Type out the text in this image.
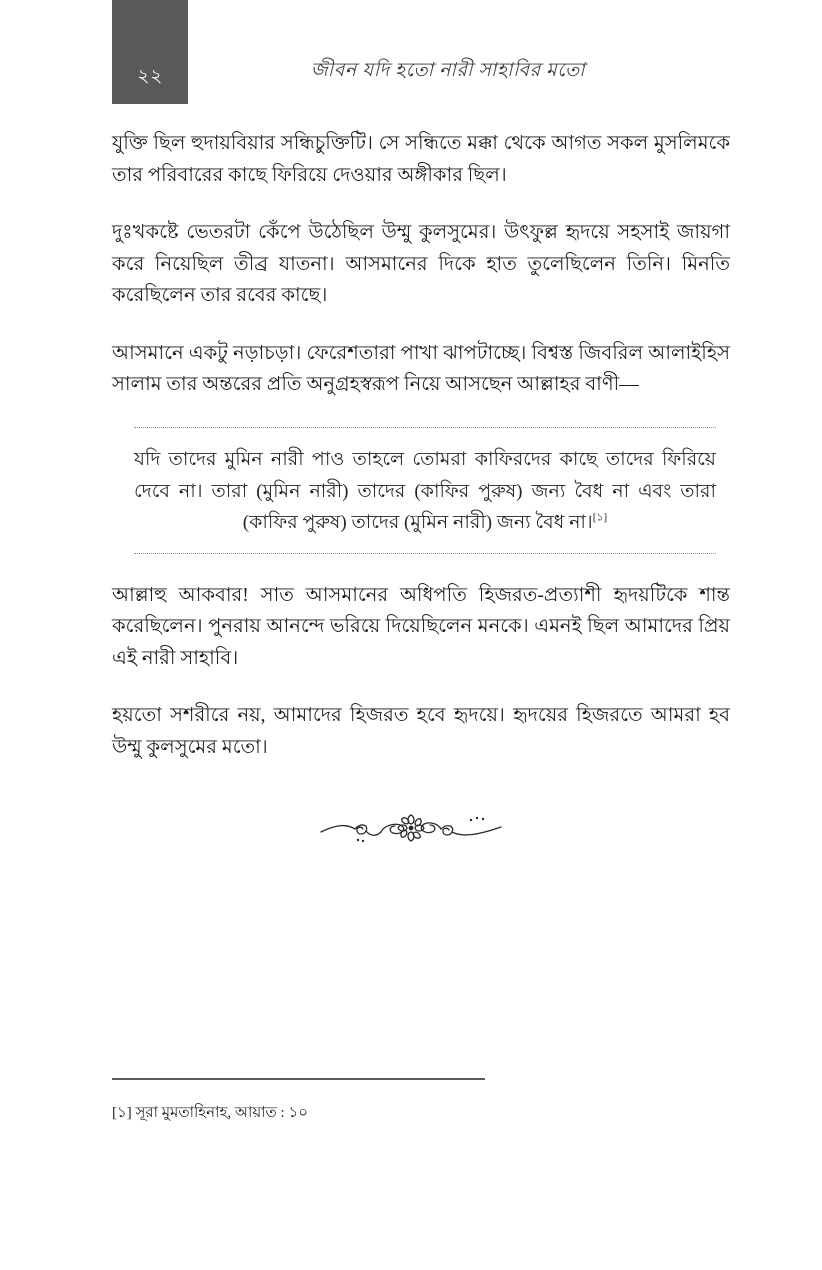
২২	জীবন যদি হতো নারী সাহাবির মতো

যুক্তি ছিল হুদায়বিয়ার সন্ধিচুক্তিটি। সে সন্ধিতে মক্কা থেকে আগত সকল মুসলিমকে তার পরিবারের কাছে ফিরিয়ে দেওয়ার অঙ্গীকার ছিল।

দুঃখকষ্টে ভেতরটা কেঁপে উঠেছিল উম্মু কুলসুমের। উৎফুল্ল হৃদয়ে সহসাই জায়গা করে নিয়েছিল তীব্র যাতনা। আসমানের দিকে হাত তুলেছিলেন তিনি। মিনতি করেছিলেন তার রবের কাছে।

আসমানে একটু নড়াচড়া। ফেরেশতারা পাখা ঝাপটাচ্ছে। বিশ্বস্ত জিবরিল আলাইহিস সালাম তার অন্তরের প্রতি অনুগ্রহস্বরূপ নিয়ে আসছেন আল্লাহর বাণী—

যদি তাদের মুমিন নারী পাও তাহলে তোমরা কাফিরদের কাছে তাদের ফিরিয়ে দেবে না। তারা (মুমিন নারী) তাদের (কাফির পুরুষ) জন্য বৈধ না এবং তারা (কাফির পুরুষ) তাদের (মুমিন নারী) জন্য বৈধ না।[১]

আল্লাহু আকবার! সাত আসমানের অধিপতি হিজরত-প্রত্যাশী হৃদয়টিকে শান্ত করেছিলেন। পুনরায় আনন্দে ভরিয়ে দিয়েছিলেন মনকে। এমনই ছিল আমাদের প্রিয় এই নারী সাহাবি।

হয়তো সশরীরে নয়, আমাদের হিজরত হবে হৃদয়ে। হৃদয়ের হিজরতে আমরা হব উম্মু কুলসুমের মতো।

[১] সূরা মুমতাহিনাহ, আয়াত : ১০
